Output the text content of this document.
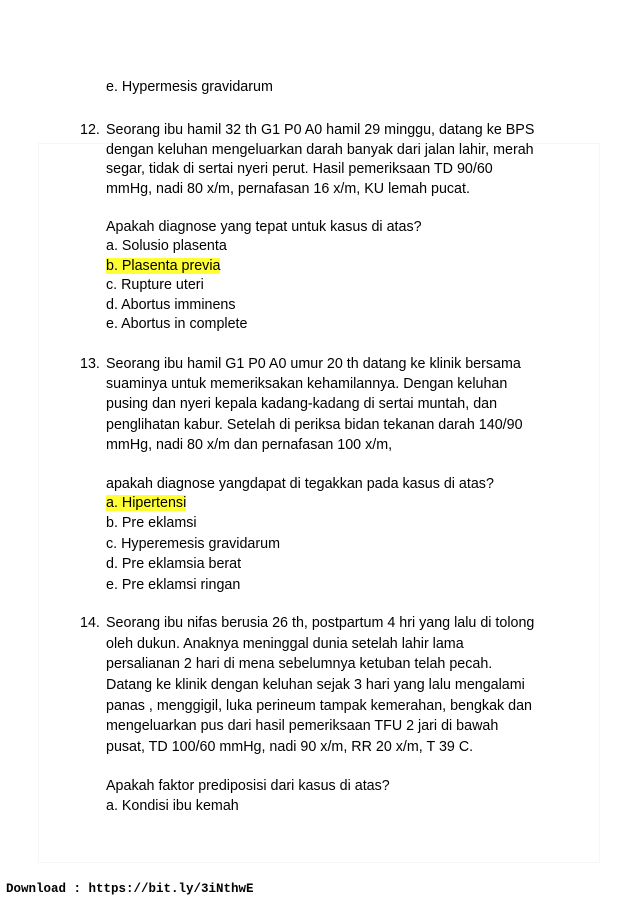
e. Hypermesis gravidarum
12. Seorang ibu hamil 32 th G1 P0 A0 hamil 29 minggu, datang ke BPS
dengan keluhan mengeluarkan darah banyak dari jalan lahir, merah
segar, tidak di sertai nyeri perut. Hasil pemeriksaan TD 90/60
mmHg, nadi 80 x/m, pernafasan 16 x/m, KU lemah pucat.
Apakah diagnose yang tepat untuk kasus di atas?
a. Solusio plasenta
b. Plasenta previa
c. Rupture uteri
d. Abortus imminens
e. Abortus in complete
13. Seorang ibu hamil G1 P0 A0 umur 20 th datang ke klinik bersama
suaminya untuk memeriksakan kehamilannya. Dengan keluhan
pusing dan nyeri kepala kadang-kadang di sertai muntah, dan
penglihatan kabur. Setelah di periksa bidan tekanan darah 140/90
mmHg, nadi 80 x/m dan pernafasan 100 x/m,
apakah diagnose yangdapat di tegakkan pada kasus di atas?
a. Hipertensi
b. Pre eklamsi
c. Hyperemesis gravidarum
d. Pre eklamsia berat
e. Pre eklamsi ringan
14. Seorang ibu nifas berusia 26 th, postpartum 4 hri yang lalu di tolong
oleh dukun. Anaknya meninggal dunia setelah lahir lama
persalianan 2 hari di mena sebelumnya ketuban telah pecah.
Datang ke klinik dengan keluhan sejak 3 hari yang lalu mengalami
panas , menggigil, luka perineum tampak kemerahan, bengkak dan
mengeluarkan pus dari hasil pemeriksaan TFU 2 jari di bawah
pusat, TD 100/60 mmHg, nadi 90 x/m, RR 20 x/m, T 39 C.
Apakah faktor prediposisi dari kasus di atas?
a. Kondisi ibu kemah
Download : https://bit.ly/3iNthwE
